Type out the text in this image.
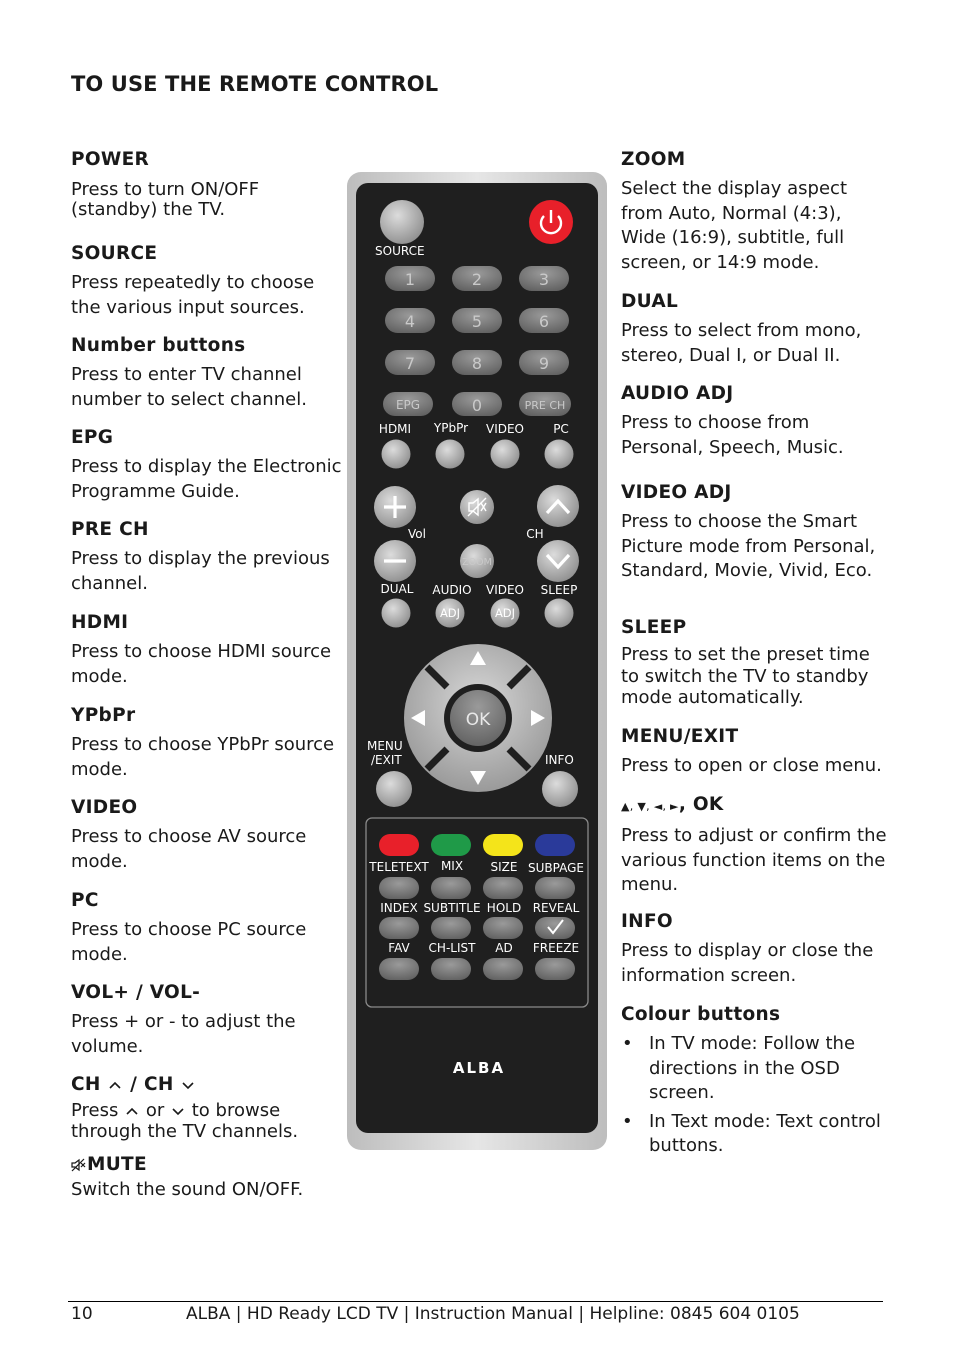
TO USE THE REMOTE CONTROL
POWER

Press to turn ON/OFF (standby) the TV.

SOURCE

Press repeatedly to choose the various input sources.

Number buttons

Press to enter TV channel number to select channel.

EPG

Press to display the Electronic Programme Guide.

PRE CH

Press to display the previous channel.

HDMI

Press to choose HDMI source mode.

YPbPr

Press to choose YPbPr source mode.

VIDEO

Press to choose AV source mode.

PC

Press to choose PC source mode.

VOL+ / VOL-

Press + or - to adjust the volume.

CH / CH

Press or to browse through the TV channels.

MUTE

Switch the sound ON/OFF.

SOURCE
1	2	3
4	5	6
7	8	9
EPG	0	PRE CH
HDMI YPbPr VIDEO PC
Vol	CH
ZOOM
DUAL AUDIO VIDEO SLEEP
ADJ	ADJ
OK
MENU
/EXIT	INFO
TELETEXT MIX SIZE SUBPAGE
INDEX SUBTITLE HOLD REVEAL
FAV CH-LIST AD FREEZE
ALBA
ZOOM

Select the display aspect from Auto, Normal (4:3), Wide (16:9), subtitle, full screen, or 14:9 mode.

DUAL

Press to select from mono, stereo, Dual I, or Dual II.

AUDIO ADJ

Press to choose from Personal, Speech, Music.

VIDEO ADJ

Press to choose the Smart Picture mode from Personal, Standard, Movie, Vivid, Eco.

SLEEP

Press to set the preset time to switch the TV to standby mode automatically.

MENU/EXIT

Press to open or close menu.

▲, ▼, ◄, ►, OK

Press to adjust or confirm the various function items on the menu.

INFO

Press to display or close the information screen.

Colour buttons
• In TV mode: Follow the directions in the OSD screen.
• In Text mode: Text control buttons.
10	ALBA | HD Ready LCD TV | Instruction Manual | Helpline: 0845 604 0105
